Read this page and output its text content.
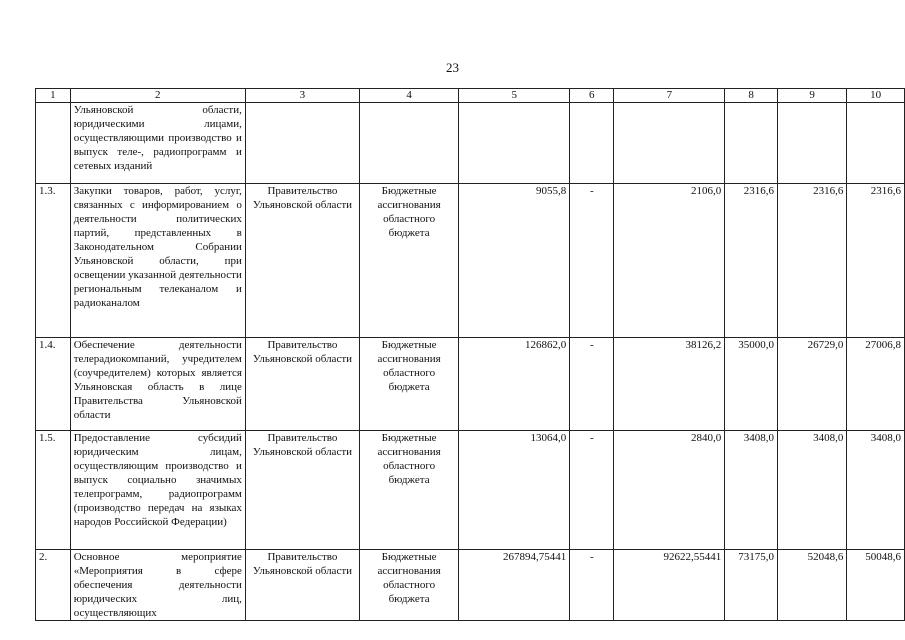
23
1	2	3	4	5	6	7	8	9	10
	Ульяновской области, юридическими лицами, осуществляющими производство и выпуск теле-, радиопрограмм и сетевых изданий								
1.3.	Закупки товаров, работ, услуг, связанных с информированием о деятельности политических партий, представленных в Законодательном Собрании Ульяновской области, при освещении указанной деятельности региональным телеканалом и радиоканалом	Правительство Ульяновской области	Бюджетные ассигнования областного бюджета	9055,8	-	2106,0	2316,6	2316,6	2316,6
1.4.	Обеспечение деятельности телерадиокомпаний, учредителем (соучредителем) которых является Ульяновская область в лице Правительства Ульяновской области	Правительство Ульяновской области	Бюджетные ассигнования областного бюджета	126862,0	-	38126,2	35000,0	26729,0	27006,8
1.5.	Предоставление субсидий юридическим лицам, осуществляющим производство и выпуск социально значимых телепрограмм, радиопрограмм (производство передач на языках народов Российской Федерации)	Правительство Ульяновской области	Бюджетные ассигнования областного бюджета	13064,0	-	2840,0	3408,0	3408,0	3408,0
2.	Основное мероприятие «Мероприятия в сфере обеспечения деятельности юридических лиц, осуществляющих	Правительство Ульяновской области	Бюджетные ассигнования областного бюджета	267894,75441	-	92622,55441	73175,0	52048,6	50048,6
